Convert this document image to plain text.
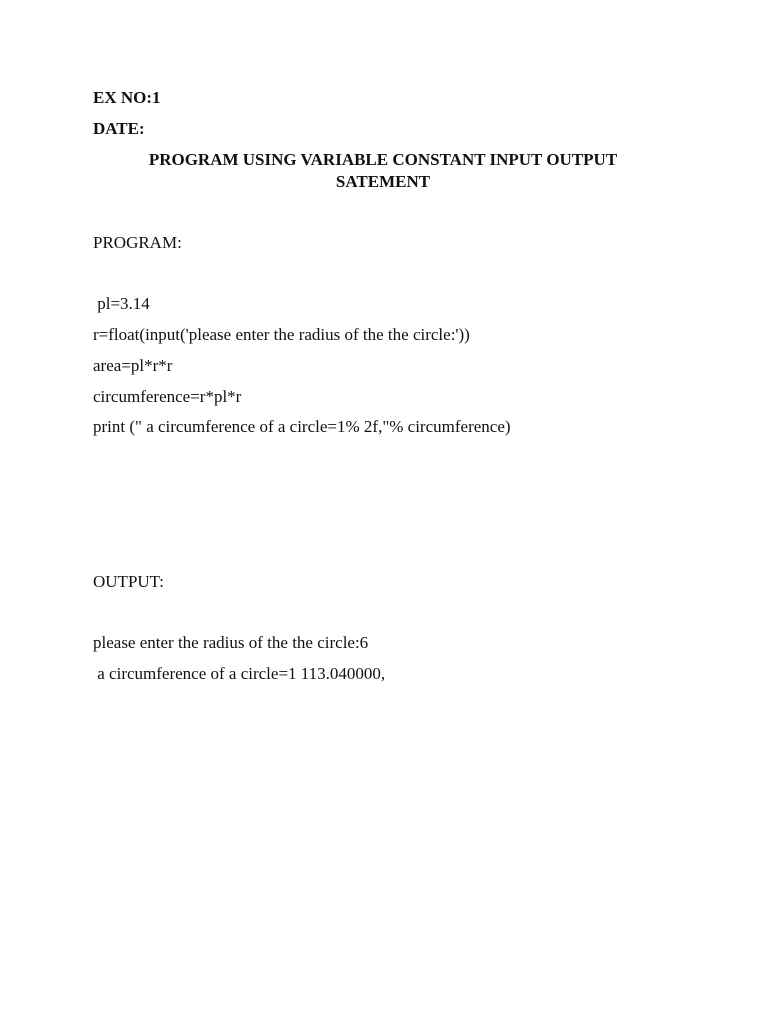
EX NO:1
DATE:
PROGRAM USING VARIABLE CONSTANT INPUT OUTPUT
SATEMENT
PROGRAM:
pl=3.14
r=float(input('please enter the radius of the the circle:'))
area=pl*r*r
circumference=r*pl*r
print (" a circumference of a circle=1% 2f,"% circumference)
OUTPUT:
please enter the radius of the the circle:6
a circumference of a circle=1 113.040000,
